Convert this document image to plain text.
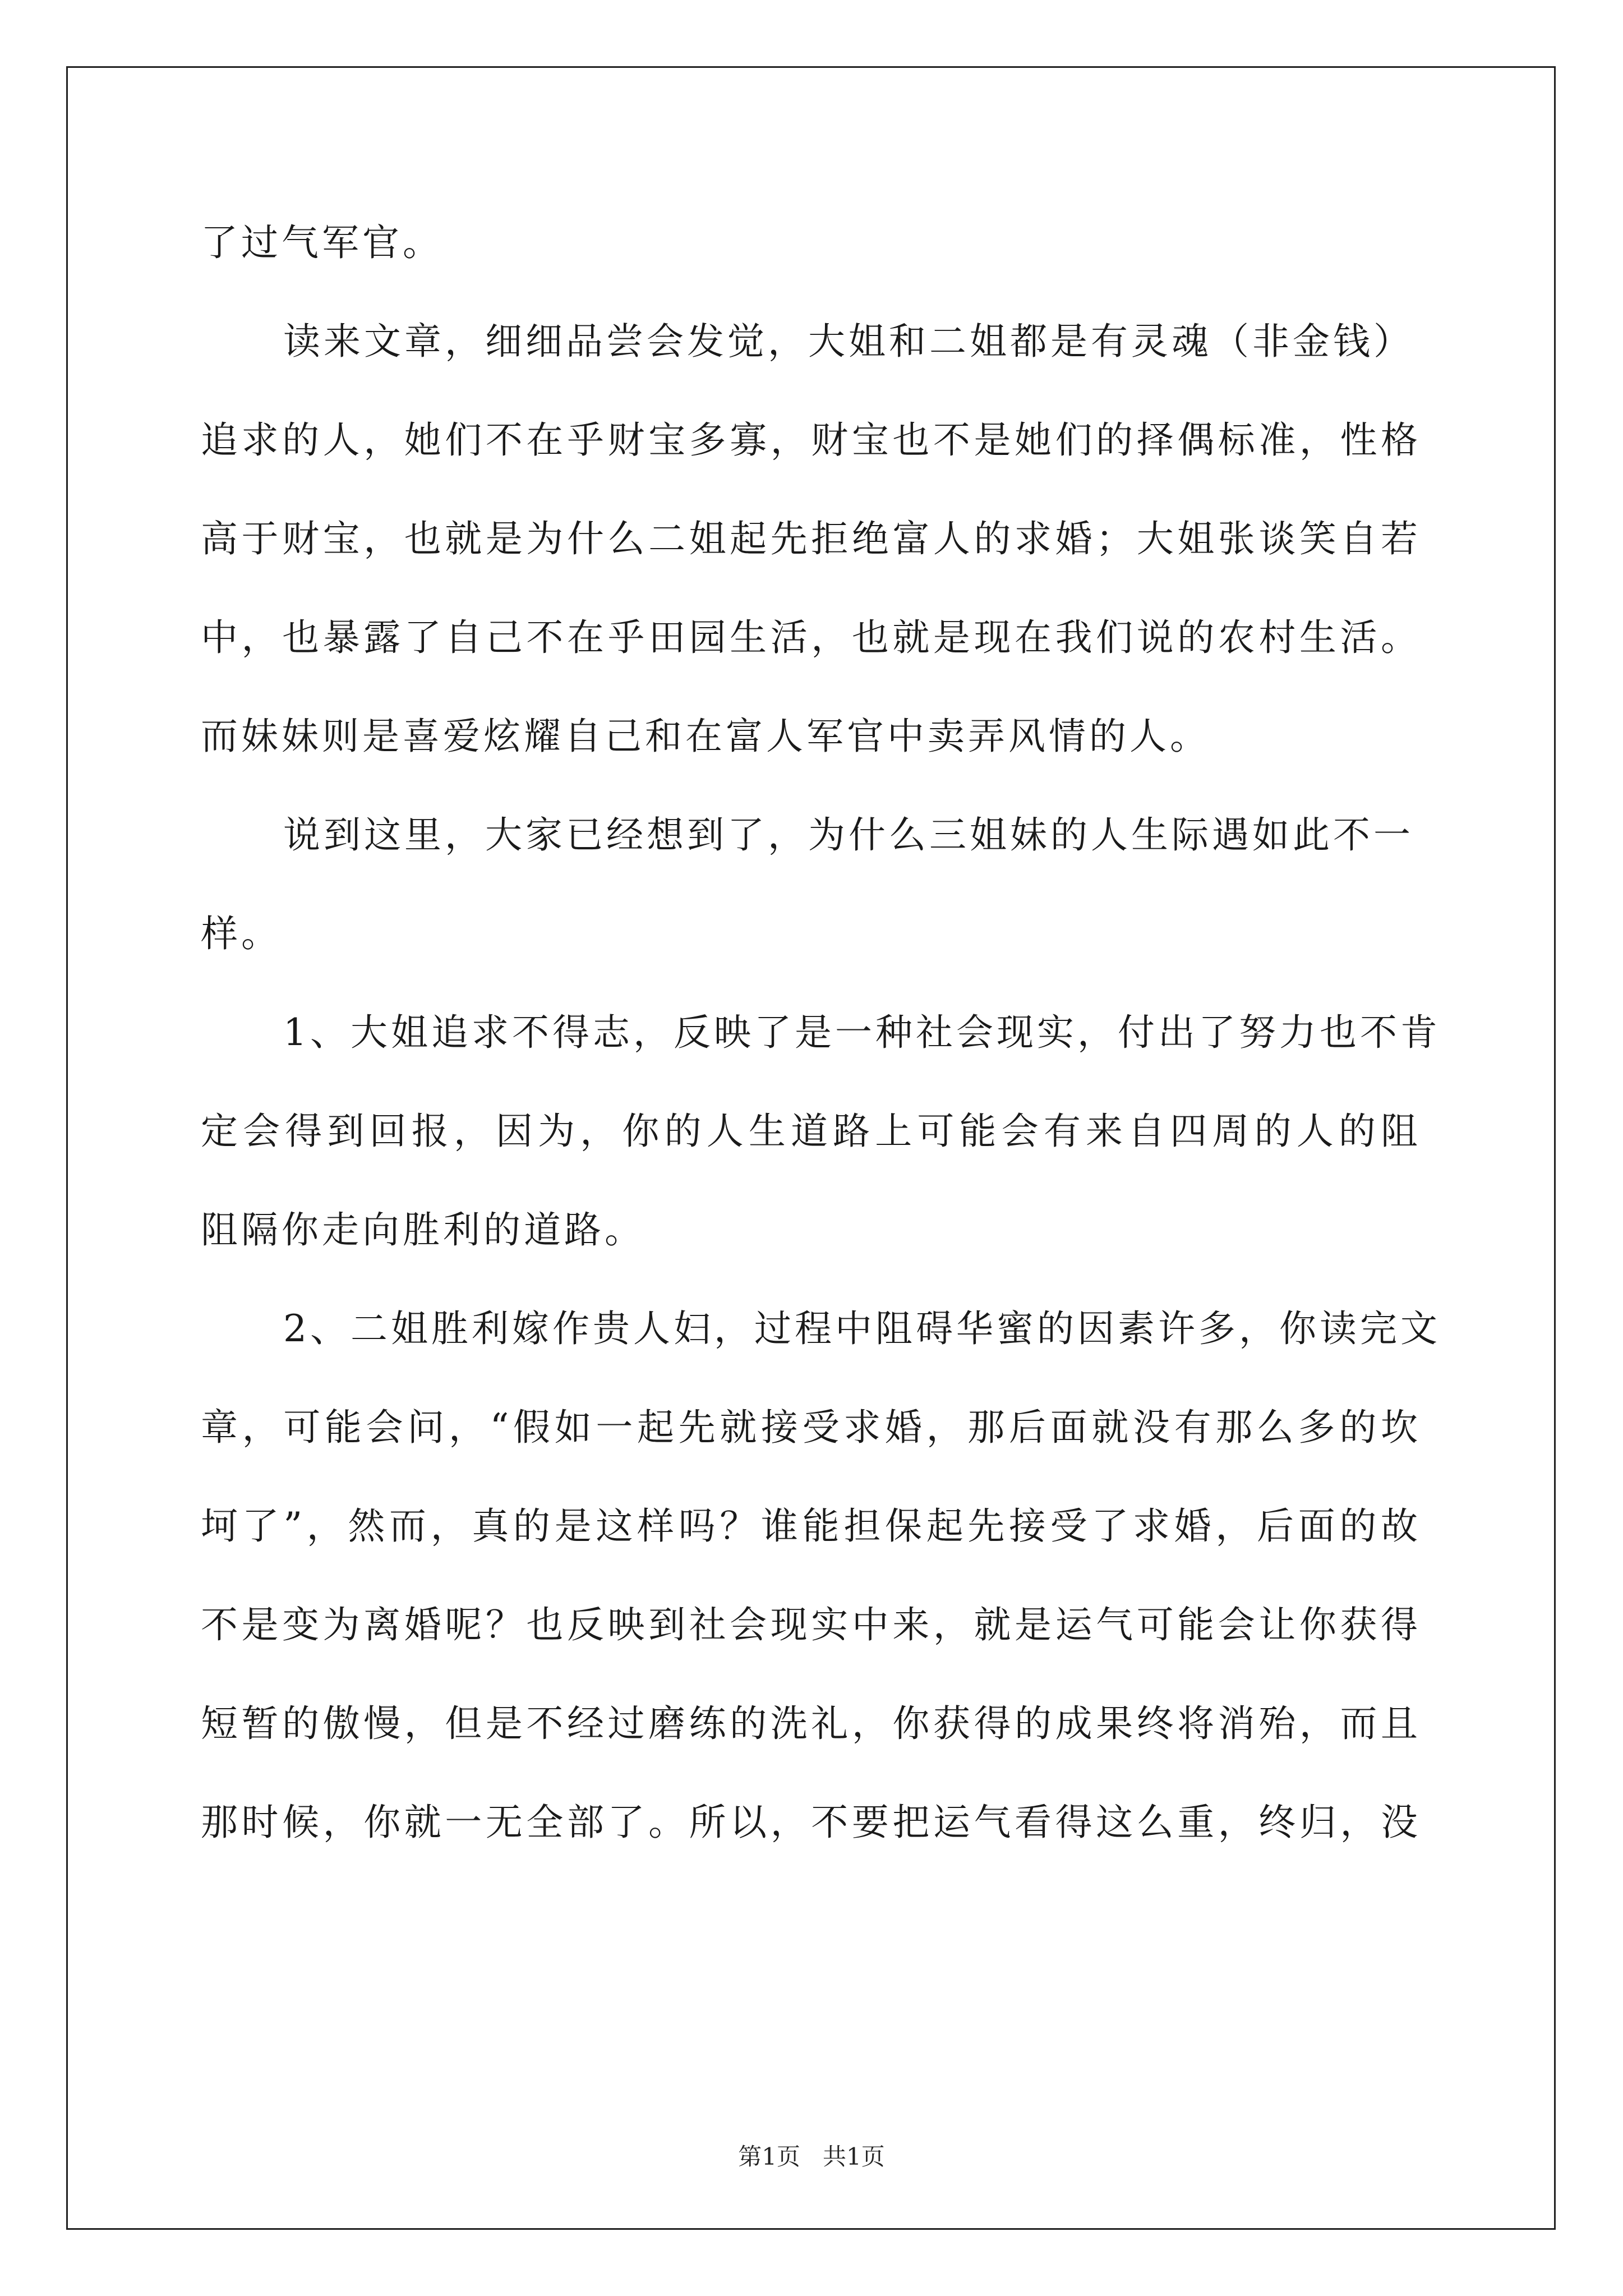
了过气军官。
读来文章，细细品尝会发觉，大姐和二姐都是有灵魂（非金钱）
追求的人，她们不在乎财宝多寡，财宝也不是她们的择偶标准，性格
高于财宝，也就是为什么二姐起先拒绝富人的求婚；大姐张谈笑自若
中，也暴露了自己不在乎田园生活，也就是现在我们说的农村生活。
而妹妹则是喜爱炫耀自己和在富人军官中卖弄风情的人。
说到这里，大家已经想到了，为什么三姐妹的人生际遇如此不一
样。
1、大姐追求不得志，反映了是一种社会现实，付出了努力也不肯
定会得到回报，因为，你的人生道路上可能会有来自四周的人的阻
阻隔你走向胜利的道路。
2、二姐胜利嫁作贵人妇，过程中阻碍华蜜的因素许多，你读完文
章，可能会问，“假如一起先就接受求婚，那后面就没有那么多的坎
坷了”，然而，真的是这样吗？谁能担保起先接受了求婚，后面的故
不是变为离婚呢？也反映到社会现实中来，就是运气可能会让你获得
短暂的傲慢，但是不经过磨练的洗礼，你获得的成果终将消殆，而且
那时候，你就一无全部了。所以，不要把运气看得这么重，终归，没
第1页   共1页
